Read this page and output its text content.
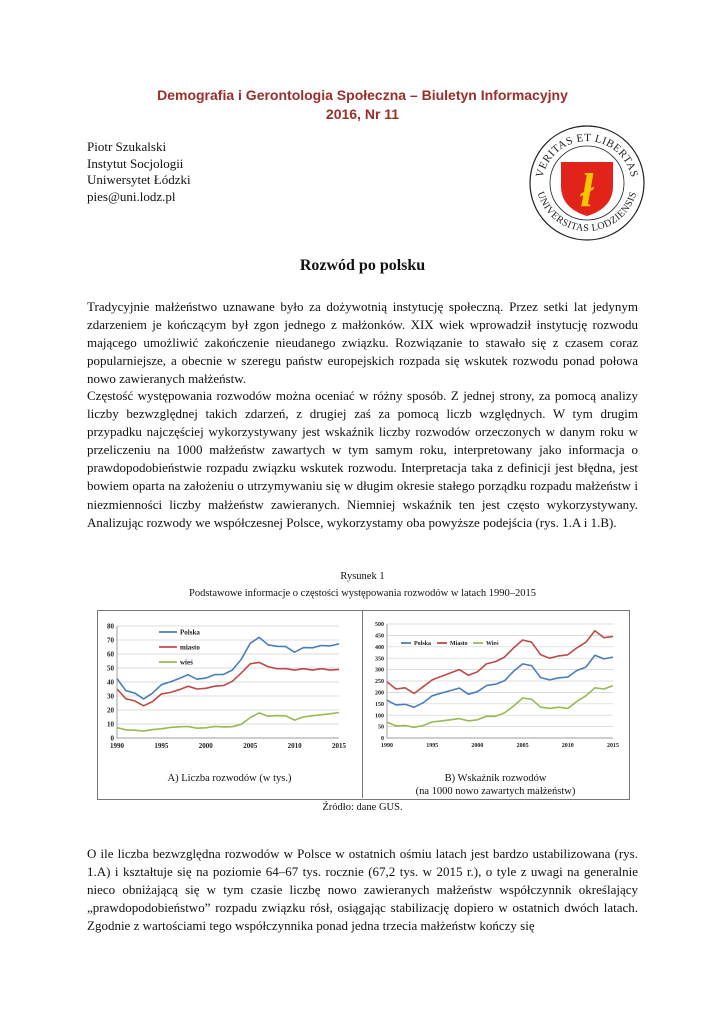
Demografia i Gerontologia Społeczna – Biuletyn Informacyjny
2016, Nr 11
Piotr Szukalski
Instytut Socjologii
Uniwersytet Łódzki
pies@uni.lodz.pl
VERITAS ET LIBERTAS
UNIVERSITAS LODZIENSIS
ł
Rozwód po polsku
Tradycyjnie małżeństwo uznawane było za dożywotnią instytucję społeczną. Przez setki lat jedynym zdarzeniem je kończącym był zgon jednego z małżonków. XIX wiek wprowadził instytucję rozwodu mającego umożliwić zakończenie nieudanego związku. Rozwiązanie to stawało się z czasem coraz popularniejsze, a obecnie w szeregu państw europejskich rozpada się wskutek rozwodu ponad połowa nowo zawieranych małżeństw.
Częstość występowania rozwodów można oceniać w różny sposób. Z jednej strony, za pomocą analizy liczby bezwzględnej takich zdarzeń, z drugiej zaś za pomocą liczb względnych. W tym drugim przypadku najczęściej wykorzystywany jest wskaźnik liczby rozwodów orzeczonych w danym roku w przeliczeniu na 1000 małżeństw zawartych w tym samym roku, interpretowany jako informacja o prawdopodobieństwie rozpadu związku wskutek rozwodu. Interpretacja taka z definicji jest błędna, jest bowiem oparta na założeniu o utrzymywaniu się w długim okresie stałego porządku rozpadu małżeństw i niezmienności liczby małżeństw zawieranych. Niemniej wskaźnik ten jest często wykorzystywany. Analizując rozwody we współczesnej Polsce, wykorzystamy oba powyższe podejścia (rys. 1.A i 1.B).
Rysunek 1
Podstawowe informacje o częstości występowania rozwodów w latach 1990–2015
0
10
20
30
40
50
60
70
80
1990	1995	2000	2005	2010	2015
Polska
miasto
wieś
0
50
100
150
200
250
300
350
400
450
500
1990	1995	2000	2005	2010	2015
Polska	Miasto	Wieś
A) Liczba rozwodów (w tys.)	B) Wskaźnik rozwodów
(na 1000 nowo zawartych małżeństw)
Źródło: dane GUS.
O ile liczba bezwzględna rozwodów w Polsce w ostatnich ośmiu latach jest bardzo ustabilizowana (rys. 1.A) i kształtuje się na poziomie 64–67 tys. rocznie (67,2 tys. w 2015 r.), o tyle z uwagi na generalnie nieco obniżającą się w tym czasie liczbę nowo zawieranych małżeństw współczynnik określający „prawdopodobieństwo” rozpadu związku rósł, osiągając stabilizację dopiero w ostatnich dwóch latach. Zgodnie z wartościami tego współczynnika ponad jedna trzecia małżeństw kończy się
